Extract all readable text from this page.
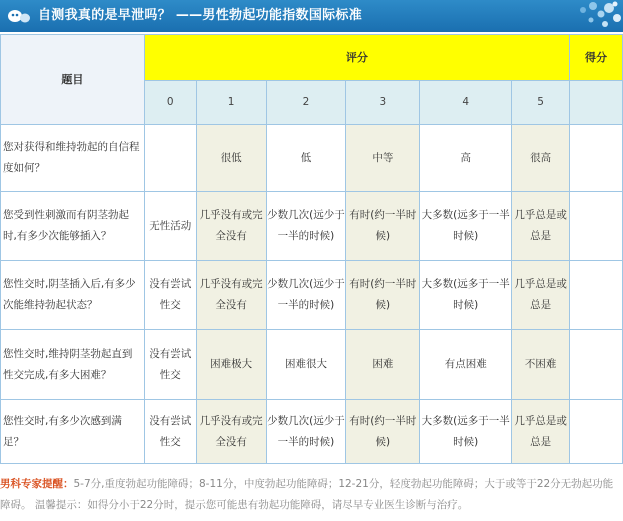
自测我真的是早泄吗？ ——男性勃起功能指数国际标准
题目	评分						得分
	0	1	2	3	4	5	
您对获得和维持勃起的自信程度如何？		很低	低	中等	高	很高	
您受到性刺激而有阴茎勃起时,有多少次能够插入？	无性活动	几乎没有或完全没有	少数几次(远少于一半的时候)	有时(约一半时候)	大多数(远多于一半时候)	几乎总是或总是	
您性交时,阴茎插入后,有多少次能维持勃起状态？	没有尝试性交	几乎没有或完全没有	少数几次(远少于一半的时候)	有时(约一半时候)	大多数(远多于一半时候)	几乎总是或总是	
您性交时,维持阴茎勃起直到性交完成,有多大困难？	没有尝试性交	困难极大	困难很大	困难	有点困难	不困难	
您性交时,有多少次感到满足？	没有尝试性交	几乎没有或完全没有	少数几次(远少于一半的时候)	有时(约一半时候)	大多数(远多于一半时候)	几乎总是或总是	
男科专家提醒：5-7分,重度勃起功能障碍；8-11分，中度勃起功能障碍；12-21分，轻度勃起功能障碍；大于或等于22分无勃起功能障碍。 温馨提示：如得分小于22分时，提示您可能患有勃起功能障碍，请尽早专业医生诊断与治疗。
